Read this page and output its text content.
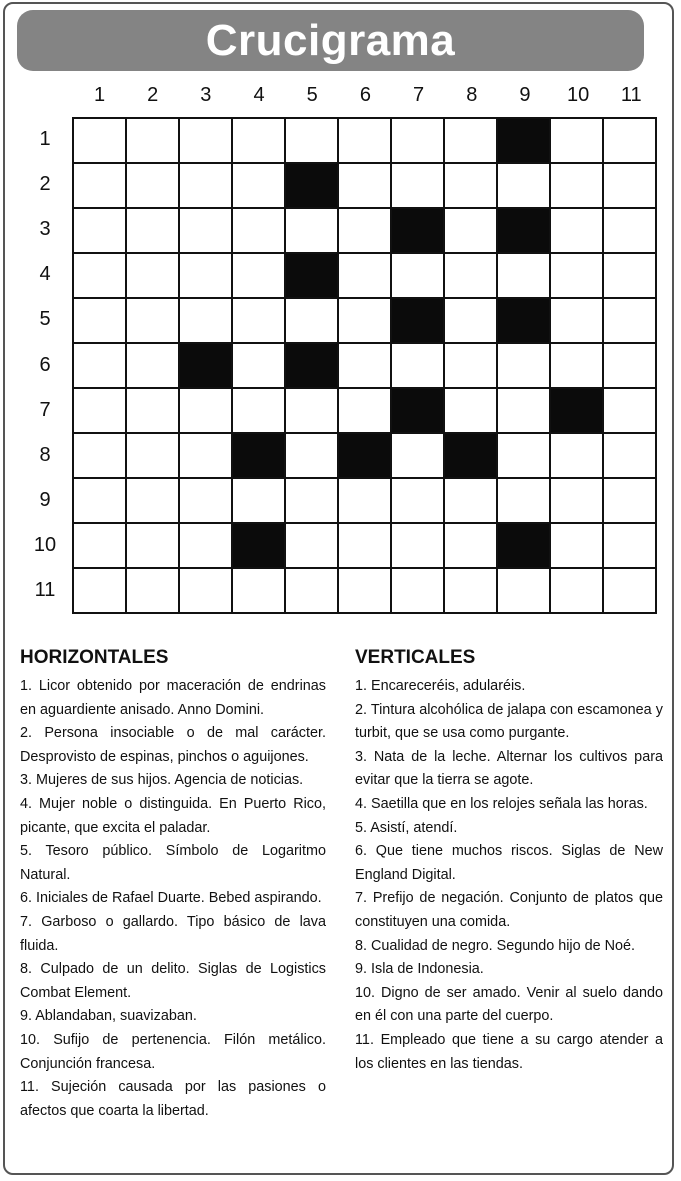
Crucigrama
1	2	3	4	5	6	7	8	9	10	11
1
2
3
4
5
6
7
8
9
10
11
HORIZONTALES

1. Licor obtenido por maceración de endrinas en aguardiente anisado. Anno Domini.

2. Persona insociable o de mal carácter. Desprovisto de espinas, pinchos o aguijones.

3. Mujeres de sus hijos. Agencia de noticias.

4. Mujer noble o distinguida. En Puerto Rico, picante, que excita el paladar.

5. Tesoro público. Símbolo de Logaritmo Natural.

6. Iniciales de Rafael Duarte. Bebed aspirando.

7. Garboso o gallardo. Tipo básico de lava fluida.

8. Culpado de un delito. Siglas de Logistics Combat Element.

9. Ablandaban, suavizaban.

10. Sufijo de pertenencia. Filón metálico. Conjunción francesa.

11. Sujeción causada por las pasiones o afectos que coarta la libertad.

VERTICALES

1. Encareceréis, adularéis.

2. Tintura alcohólica de jalapa con escamonea y turbit, que se usa como purgante.

3. Nata de la leche. Alternar los cultivos para evitar que la tierra se agote.

4. Saetilla que en los relojes señala las horas.

5. Asistí, atendí.

6. Que tiene muchos riscos. Siglas de New England Digital.

7. Prefijo de negación. Conjunto de platos que constituyen una comida.

8. Cualidad de negro. Segundo hijo de Noé.

9. Isla de Indonesia.

10. Digno de ser amado. Venir al suelo dando en él con una parte del cuerpo.

11. Empleado que tiene a su cargo atender a los clientes en las tiendas.
